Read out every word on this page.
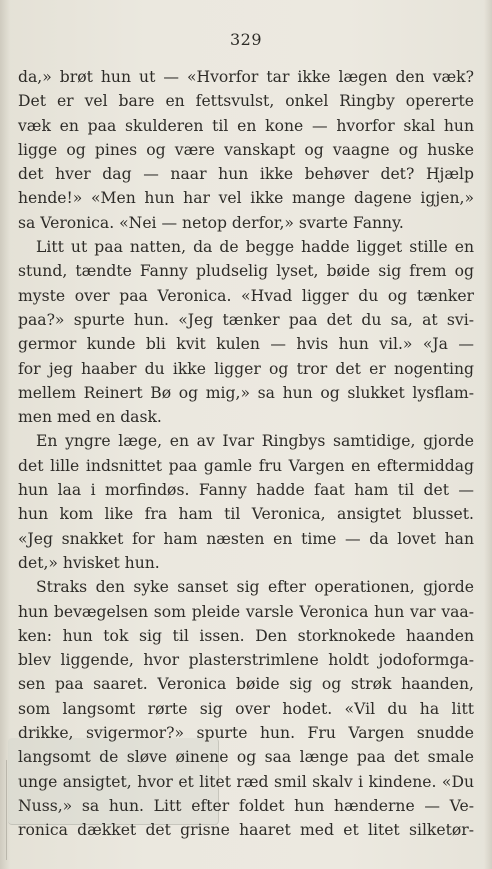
329
da,» brøt hun ut — «Hvorfor tar ikke lægen den væk?
Det er vel bare en fettsvulst, onkel Ringby opererte
væk en paa skulderen til en kone — hvorfor skal hun
ligge og pines og være vanskapt og vaagne og huske
det hver dag — naar hun ikke behøver det? Hjælp
hende!» «Men hun har vel ikke mange dagene igjen,»
sa Veronica. «Nei — netop derfor,» svarte Fanny.
Litt ut paa natten, da de begge hadde ligget stille en
stund, tændte Fanny pludselig lyset, bøide sig frem og
myste over paa Veronica. «Hvad ligger du og tænker
paa?» spurte hun. «Jeg tænker paa det du sa, at svi-
germor kunde bli kvit kulen — hvis hun vil.» «Ja —
for jeg haaber du ikke ligger og tror det er nogenting
mellem Reinert Bø og mig,» sa hun og slukket lysflam-
men med en dask.
En yngre læge, en av Ivar Ringbys samtidige, gjorde
det lille indsnittet paa gamle fru Vargen en eftermiddag
hun laa i morfindøs. Fanny hadde faat ham til det —
hun kom like fra ham til Veronica, ansigtet blusset.
«Jeg snakket for ham næsten en time — da lovet han
det,» hvisket hun.
Straks den syke sanset sig efter operationen, gjorde
hun bevægelsen som pleide varsle Veronica hun var vaa-
ken: hun tok sig til issen. Den storknokede haanden
blev liggende, hvor plasterstrimlene holdt jodoformga-
sen paa saaret. Veronica bøide sig og strøk haanden,
som langsomt rørte sig over hodet. «Vil du ha litt
drikke, svigermor?» spurte hun. Fru Vargen snudde
langsomt de sløve øinene og saa længe paa det smale
unge ansigtet, hvor et litet ræd smil skalv i kindene. «Du
Nuss,» sa hun. Litt efter foldet hun hænderne — Ve-
ronica dækket det grisne haaret med et litet silketør-
